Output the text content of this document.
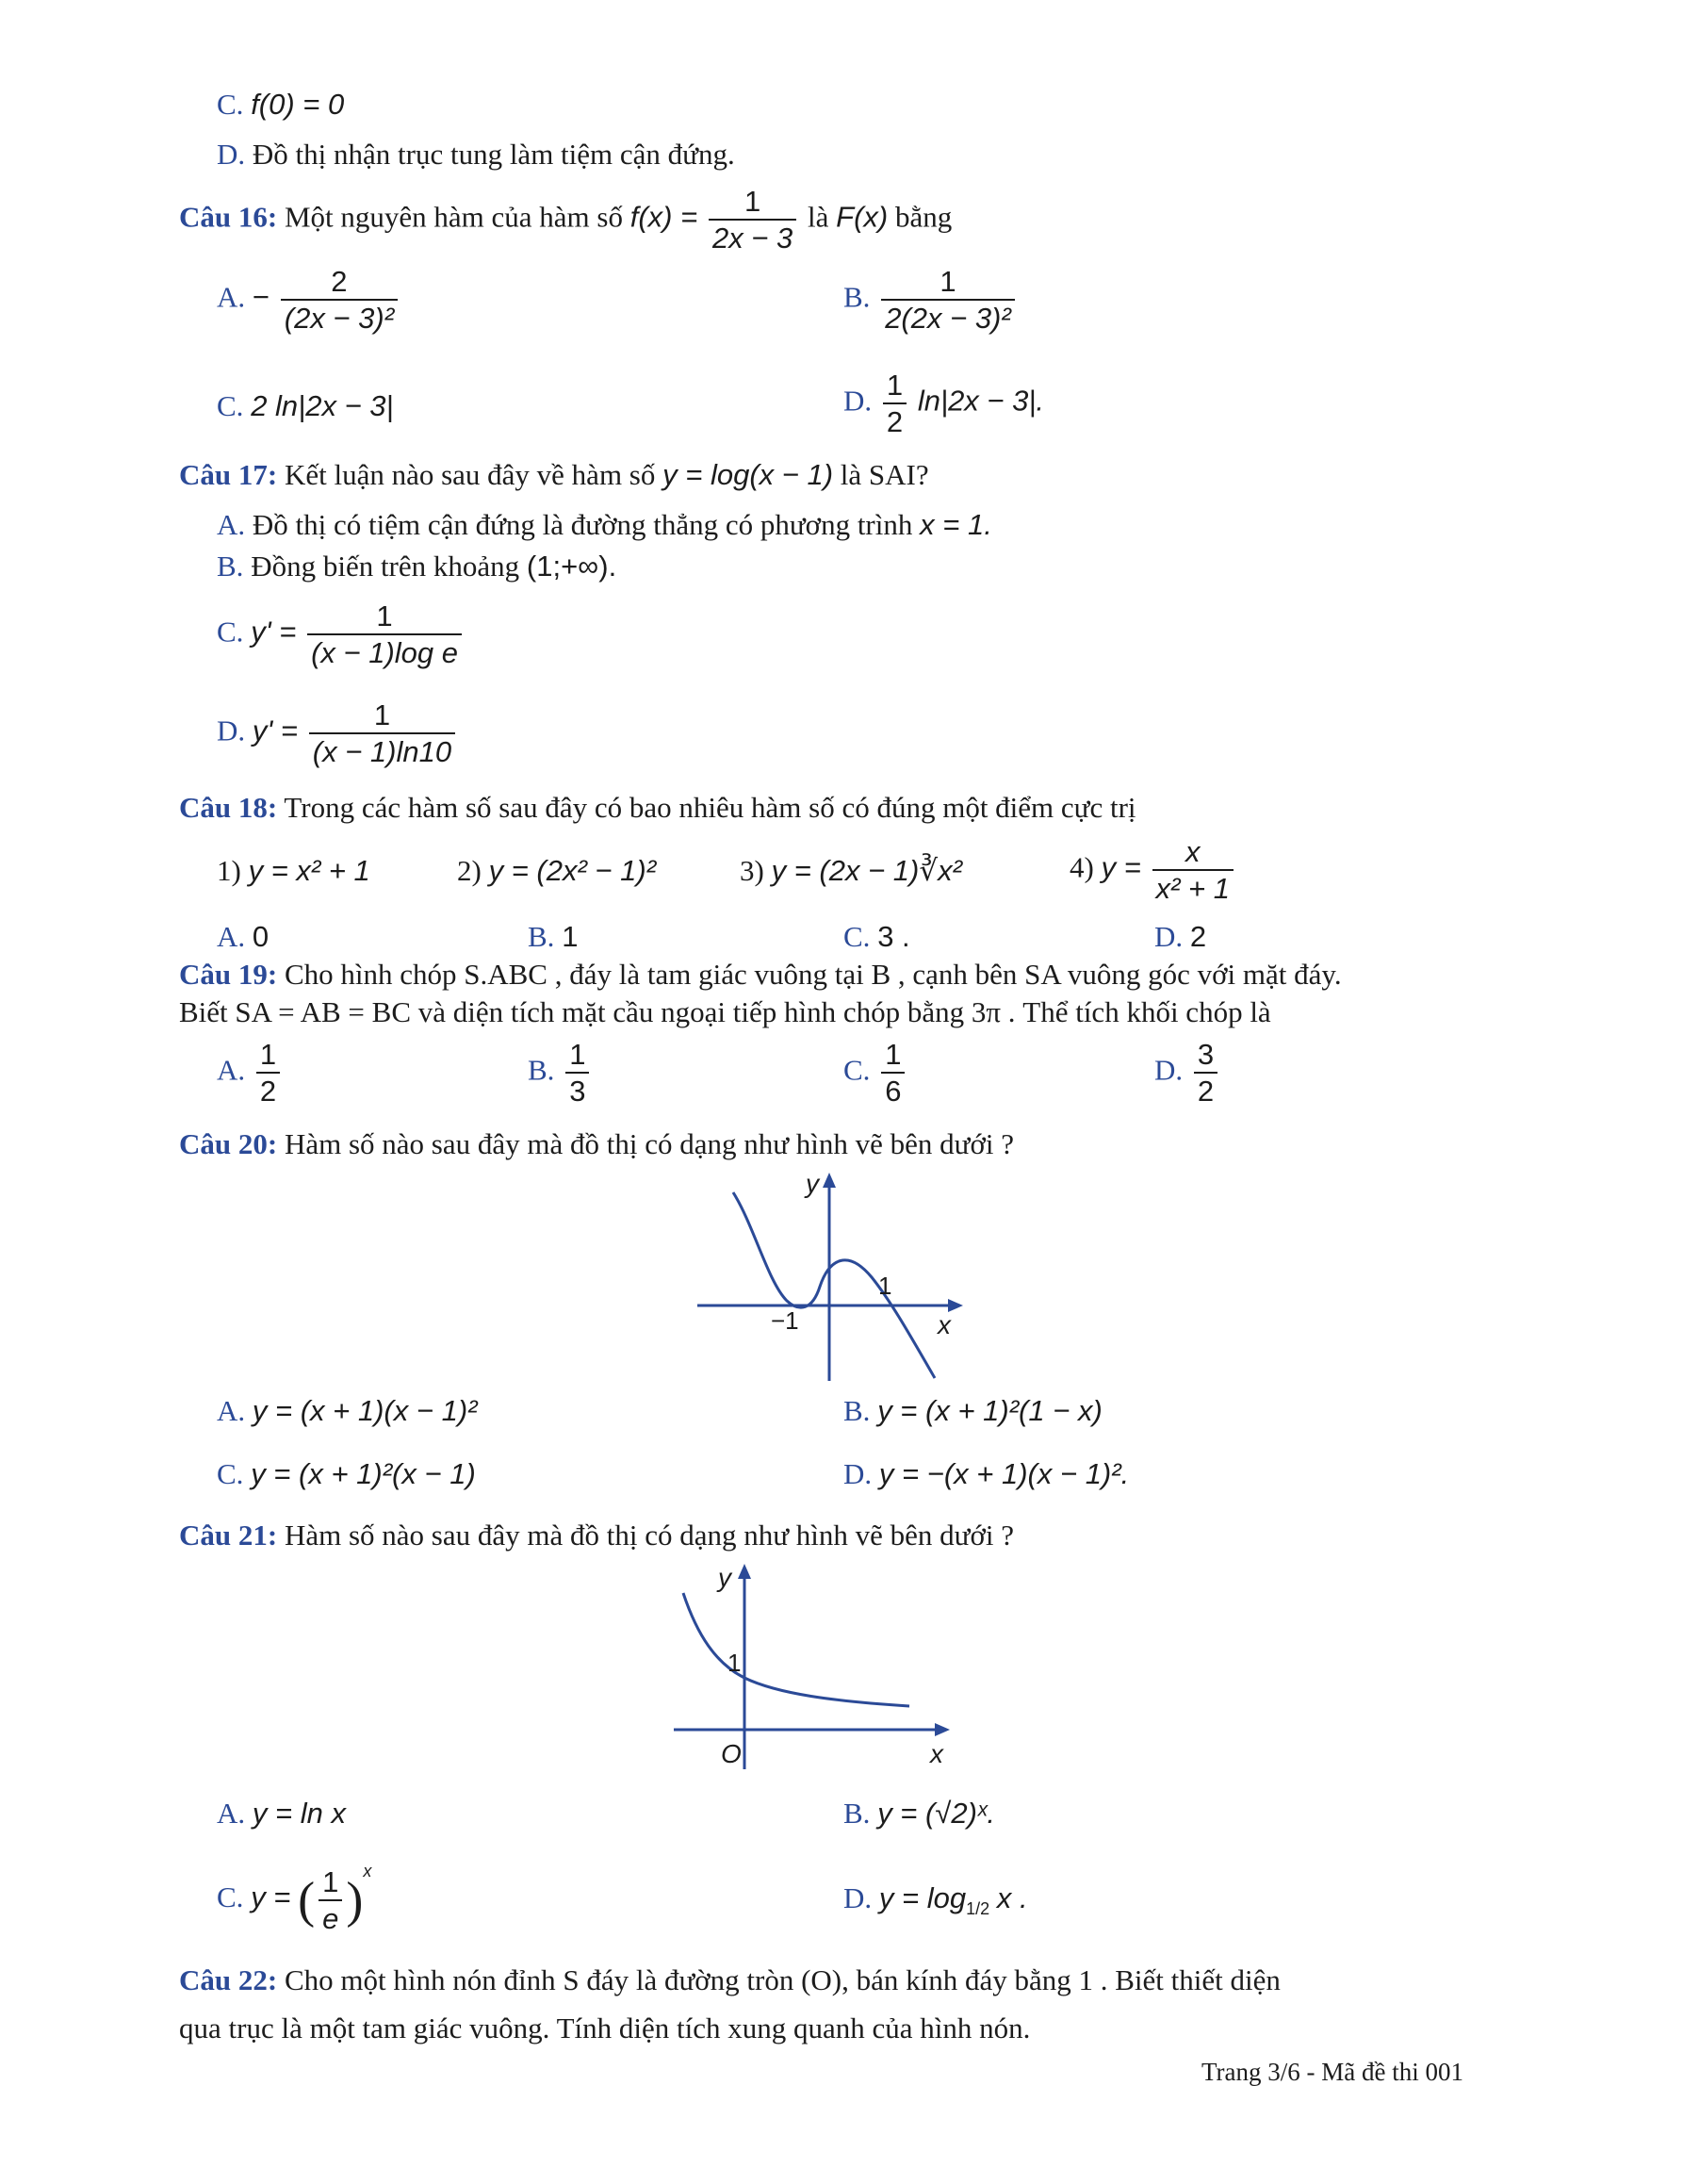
C. f(0) = 0
D. Đồ thị nhận trục tung làm tiệm cận đứng.
Câu 16: Một nguyên hàm của hàm số $f(x) = \frac{1}{2x - 3}$ là F(x) bằng
A. − $\frac{2}{\text{(2x − 3)²}}$	B. $\frac{1}{\text{2(2x − 3)²}}$
C. 2 ln|2x − 3|	D. $\frac{1}{2} \ln|2x - 3|$.
Câu 17: Kết luận nào sau đây về hàm số y = log(x − 1) là SAI?
A. Đồ thị có tiệm cận đứng là đường thẳng có phương trình x = 1.
B. Đồng biến trên khoảng (1;+∞).
C. $y' = \frac{1}{\text{(x − 1)log e}}$
D. $y' = \frac{1}{(x - 1)\ln 10}$
Câu 18: Trong các hàm số sau đây có bao nhiêu hàm số có đúng một điểm cực trị
1) y = x² + 1	2) y = (2x² − 1)²	3) y = (2x − 1)∛x²	4) $y = \frac{x}{\text{x² + 1}}$
A. 0	B. 1	C. 3 .	D. 2
Câu 19: Cho hình chóp S.ABC , đáy là tam giác vuông tại B , cạnh bên SA vuông góc với mặt đáy.
Biết SA = AB = BC và diện tích mặt cầu ngoại tiếp hình chóp bằng 3π . Thể tích khối chóp là
A. $\frac{1}{2}$	B. $\frac{1}{3}$	C. $\frac{1}{6}$	D. $\frac{3}{2}$
Câu 20: Hàm số nào sau đây mà đồ thị có dạng như hình vẽ bên dưới ?
y
x
−1
1
A. y = (x + 1)(x − 1)²	B. y = (x + 1)²(1 − x)
C. y = (x + 1)²(x − 1)	D. y = −(x + 1)(x − 1)².
Câu 21: Hàm số nào sau đây mà đồ thị có dạng như hình vẽ bên dưới ?
y
x
O
1
A. y = ln x	B. y = (√2)ˣ.
C. y = ( $\frac{1}{e} )^x$
D. $y = \log_{1/2} x$ .
Câu 22: Cho một hình nón đỉnh S đáy là đường tròn (O), bán kính đáy bằng 1 . Biết thiết diện
qua trục là một tam giác vuông. Tính diện tích xung quanh của hình nón.
Trang 3/6 - Mã đề thi 001
